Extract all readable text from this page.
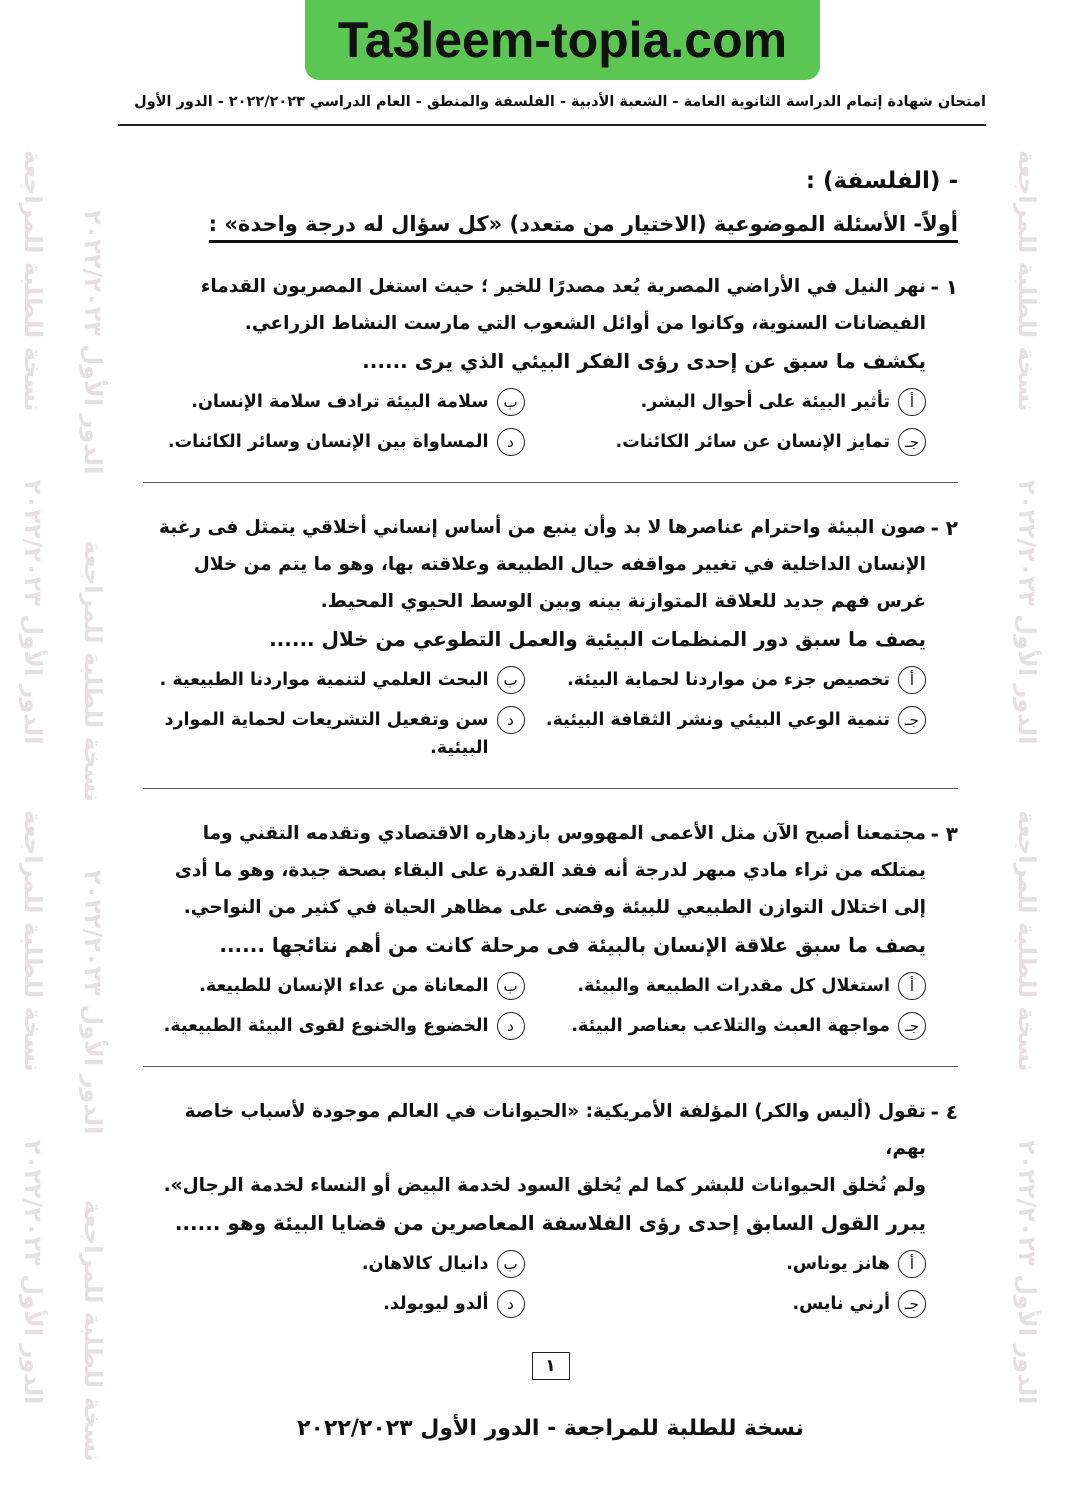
نسخة للطلبة للمراجعة
الدور الأول ٢٠٢٢/٢٠٢٣
نسخة للطلبة للمراجعة
الدور الأول ٢٠٢٢/٢٠٢٣
الدور الأول ٢٠٢٢/٢٠٢٣
نسخة للطلبة للمراجعة
الدور الأول ٢٠٢٢/٢٠٢٣
نسخة للطلبة للمراجعة
نسخة للطلبة للمراجعة
الدور الأول ٢٠٢٢/٢٠٢٣
نسخة للطلبة للمراجعة
الدور الأول ٢٠٢٢/٢٠٢٣
Ta3leem-topia.com
امتحان شهادة إتمام الدراسة الثانوية العامة - الشعبة الأدبية - الفلسفة والمنطق - العام الدراسي ٢٠٢٢/٢٠٢٣ - الدور الأول
- (الفلسفة) :
أولاً- الأسئلة الموضوعية (الاختيار من متعدد) «كل سؤال له درجة واحدة» :
١ -
نهر النيل في الأراضي المصرية يُعد مصدرًا للخير ؛ حيث استغل المصريون القدماء
الفيضانات السنوية، وكانوا من أوائل الشعوب التي مارست النشاط الزراعي.
يكشف ما سبق عن إحدى رؤى الفكر البيئي الذي يرى ......
أ
تأثير البيئة على أحوال البشر.
ب
سلامة البيئة ترادف سلامة الإنسان.
جـ
تمايز الإنسان عن سائر الكائنات.
د
المساواة بين الإنسان وسائر الكائنات.
٢ -
صون البيئة واحترام عناصرها لا بد وأن ينبع من أساس إنساني أخلاقي يتمثل فى رغبة
الإنسان الداخلية في تغيير مواقفه حيال الطبيعة وعلاقته بها، وهو ما يتم من خلال
غرس فهم جديد للعلاقة المتوازنة بينه وبين الوسط الحيوي المحيط.
يصف ما سبق دور المنظمات البيئية والعمل التطوعي من خلال ......
أ
تخصيص جزء من مواردنا لحماية البيئة.
ب
البحث العلمي لتنمية مواردنا الطبيعية .
جـ
تنمية الوعي البيئي ونشر الثقافة البيئية.
د
سن وتفعيل التشريعات لحماية الموارد البيئية.
٣ -
مجتمعنا أصبح الآن مثل الأعمى المهووس بازدهاره الاقتصادي وتقدمه التقني وما
يمتلكه من ثراء مادي مبهر لدرجة أنه فقد القدرة على البقاء بصحة جيدة، وهو ما أدى
إلى اختلال التوازن الطبيعي للبيئة وقضى على مظاهر الحياة في كثير من النواحي.
يصف ما سبق علاقة الإنسان بالبيئة فى مرحلة كانت من أهم نتائجها ......
أ
استغلال كل مقدرات الطبيعة والبيئة.
ب
المعاناة من عداء الإنسان للطبيعة.
جـ
مواجهة العبث والتلاعب بعناصر البيئة.
د
الخضوع والخنوع لقوى البيئة الطبيعية.
٤ -
تقول (أليس والكر) المؤلفة الأمريكية: «الحيوانات في العالم موجودة لأسباب خاصة بهم،
ولم تُخلق الحيوانات للبشر كما لم يُخلق السود لخدمة البيض أو النساء لخدمة الرجال».
يبرر القول السابق إحدى رؤى الفلاسفة المعاصرين من قضايا البيئة وهو ......
أ
هانز يوناس.
ب
دانيال كالاهان.
جـ
أرني نايس.
د
ألدو ليوبولد.
١
نسخة للطلبة للمراجعة - الدور الأول ٢٠٢٢/٢٠٢٣
